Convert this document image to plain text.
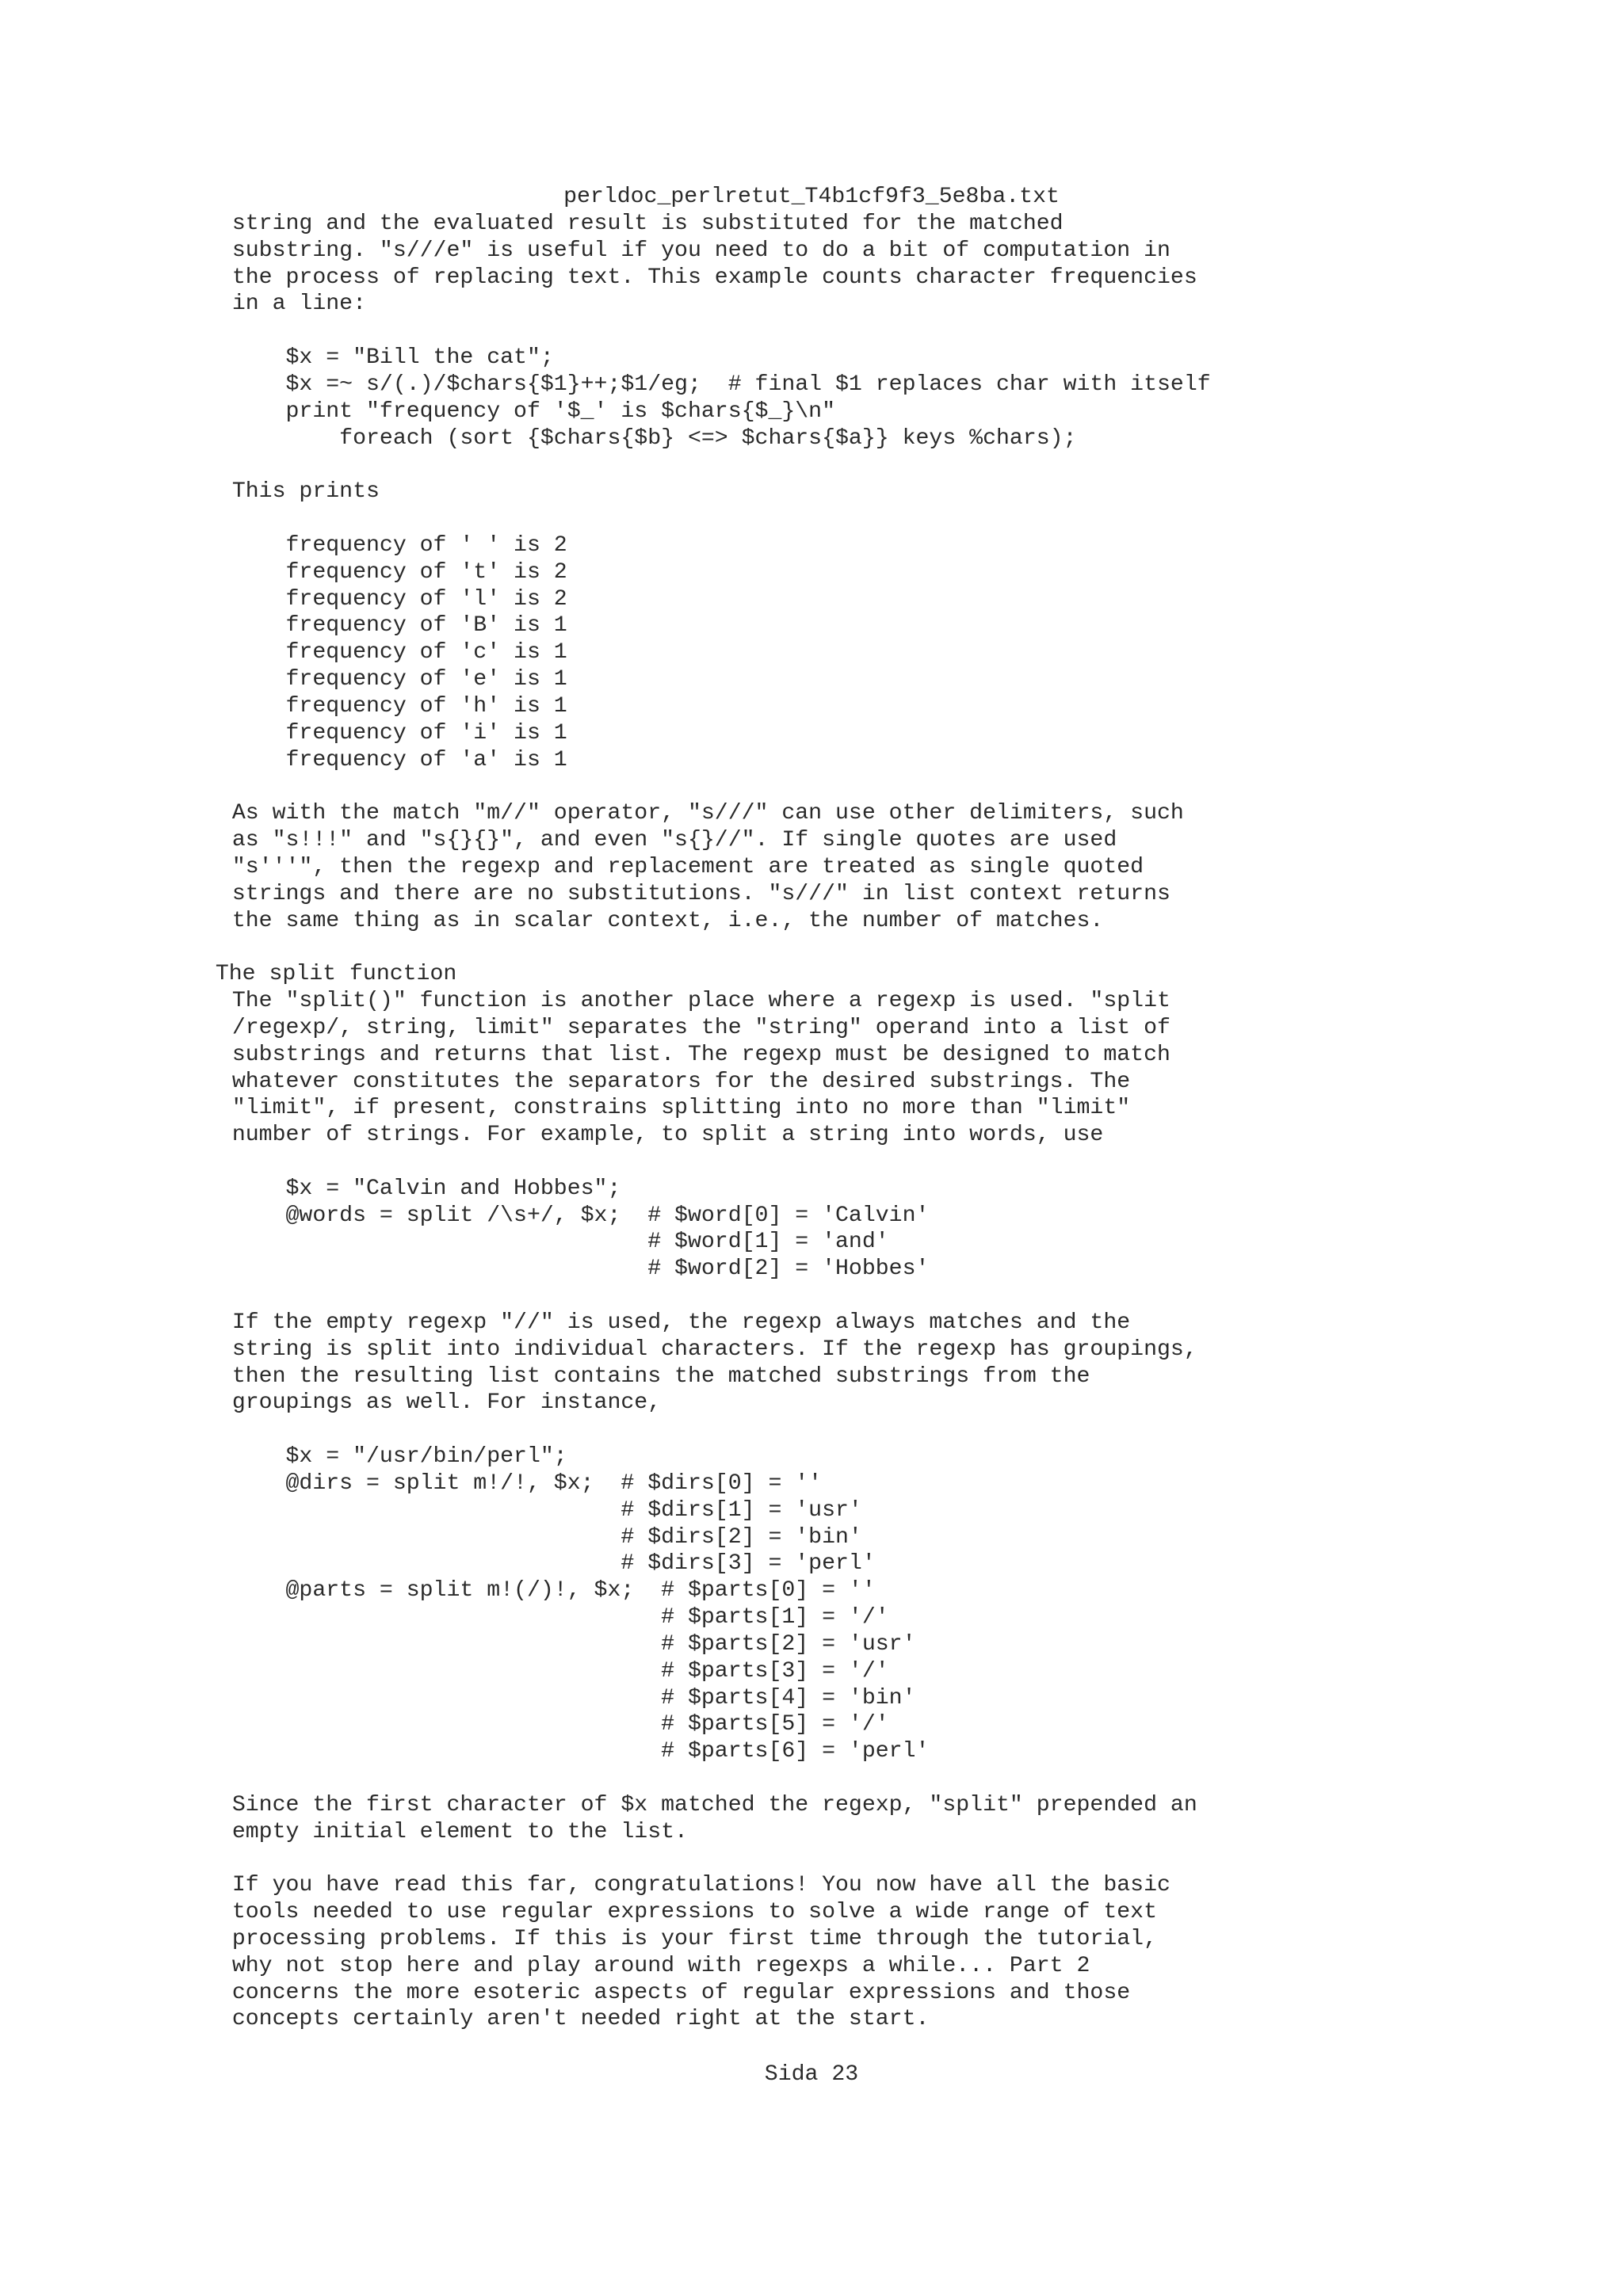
perldoc_perlretut_T4b1cf9f3_5e8ba.txt
string and the evaluated result is substituted for the matched
substring. "s///e" is useful if you need to do a bit of computation in
the process of replacing text. This example counts character frequencies
in a line:
$x = "Bill the cat";
$x =~ s/(.)/$chars{$1}++;$1/eg;  # final $1 replaces char with itself
print "frequency of '$_' is $chars{$_}\n"
foreach (sort {$chars{$b} <=> $chars{$a}} keys %chars);
This prints
frequency of ' ' is 2
frequency of 't' is 2
frequency of 'l' is 2
frequency of 'B' is 1
frequency of 'c' is 1
frequency of 'e' is 1
frequency of 'h' is 1
frequency of 'i' is 1
frequency of 'a' is 1
As with the match "m//" operator, "s///" can use other delimiters, such
as "s!!!" and "s{}{}", and even "s{}//". If single quotes are used
"s'''", then the regexp and replacement are treated as single quoted
strings and there are no substitutions. "s///" in list context returns
the same thing as in scalar context, i.e., the number of matches.
The split function
The "split()" function is another place where a regexp is used. "split
/regexp/, string, limit" separates the "string" operand into a list of
substrings and returns that list. The regexp must be designed to match
whatever constitutes the separators for the desired substrings. The
"limit", if present, constrains splitting into no more than "limit"
number of strings. For example, to split a string into words, use
$x = "Calvin and Hobbes";
@words = split /\s+/, $x;  # $word[0] = 'Calvin'
# $word[1] = 'and'
# $word[2] = 'Hobbes'
If the empty regexp "//" is used, the regexp always matches and the
string is split into individual characters. If the regexp has groupings,
then the resulting list contains the matched substrings from the
groupings as well. For instance,
$x = "/usr/bin/perl";
@dirs = split m!/!, $x;  # $dirs[0] = ''
# $dirs[1] = 'usr'
# $dirs[2] = 'bin'
# $dirs[3] = 'perl'
@parts = split m!(/)!, $x;  # $parts[0] = ''
# $parts[1] = '/'
# $parts[2] = 'usr'
# $parts[3] = '/'
# $parts[4] = 'bin'
# $parts[5] = '/'
# $parts[6] = 'perl'
Since the first character of $x matched the regexp, "split" prepended an
empty initial element to the list.
If you have read this far, congratulations! You now have all the basic
tools needed to use regular expressions to solve a wide range of text
processing problems. If this is your first time through the tutorial,
why not stop here and play around with regexps a while... Part 2
concerns the more esoteric aspects of regular expressions and those
concepts certainly aren't needed right at the start.
Sida 23
